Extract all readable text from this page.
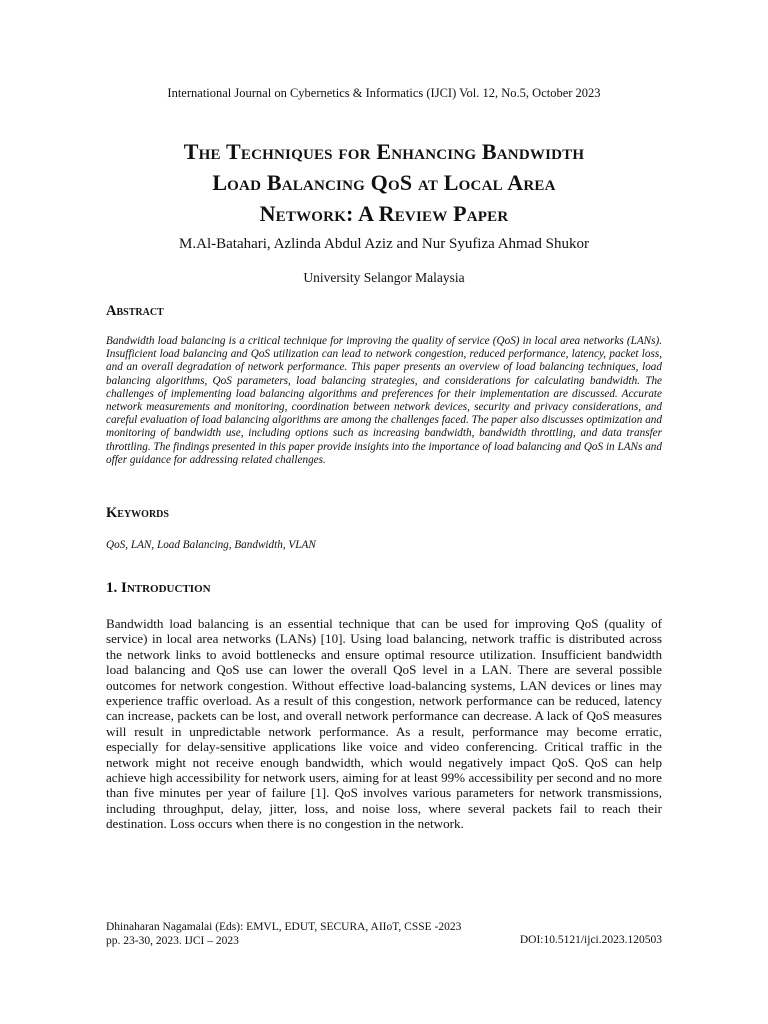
International Journal on Cybernetics & Informatics (IJCI) Vol. 12, No.5, October 2023
The Techniques for Enhancing Bandwidth
Load Balancing QoS at Local Area
Network: A Review Paper
M.Al-Batahari, Azlinda Abdul Aziz and Nur Syufiza Ahmad Shukor
University Selangor Malaysia
Abstract
Bandwidth load balancing is a critical technique for improving the quality of service (QoS) in local area networks (LANs). Insufficient load balancing and QoS utilization can lead to network congestion, reduced performance, latency, packet loss, and an overall degradation of network performance. This paper presents an overview of load balancing techniques, load balancing algorithms, QoS parameters, load balancing strategies, and considerations for calculating bandwidth. The challenges of implementing load balancing algorithms and preferences for their implementation are discussed. Accurate network measurements and monitoring, coordination between network devices, security and privacy considerations, and careful evaluation of load balancing algorithms are among the challenges faced. The paper also discusses optimization and monitoring of bandwidth use, including options such as increasing bandwidth, bandwidth throttling, and data transfer throttling. The findings presented in this paper provide insights into the importance of load balancing and QoS in LANs and offer guidance for addressing related challenges.
Keywords
QoS, LAN, Load Balancing, Bandwidth, VLAN
1. Introduction
Bandwidth load balancing is an essential technique that can be used for improving QoS (quality of service) in local area networks (LANs) [10]. Using load balancing, network traffic is distributed across the network links to avoid bottlenecks and ensure optimal resource utilization. Insufficient bandwidth load balancing and QoS use can lower the overall QoS level in a LAN. There are several possible outcomes for network congestion. Without effective load-balancing systems, LAN devices or lines may experience traffic overload. As a result of this congestion, network performance can be reduced, latency can increase, packets can be lost, and overall network performance can decrease. A lack of QoS measures will result in unpredictable network performance. As a result, performance may become erratic, especially for delay-sensitive applications like voice and video conferencing. Critical traffic in the network might not receive enough bandwidth, which would negatively impact QoS. QoS can help achieve high accessibility for network users, aiming for at least 99% accessibility per second and no more than five minutes per year of failure [1]. QoS involves various parameters for network transmissions, including throughput, delay, jitter, loss, and noise loss, where several packets fail to reach their destination. Loss occurs when there is no congestion in the network.
Dhinaharan Nagamalai (Eds): EMVL, EDUT, SECURA, AIIoT, CSSE -2023
pp. 23-30, 2023. IJCI – 2023	DOI:10.5121/ijci.2023.120503
